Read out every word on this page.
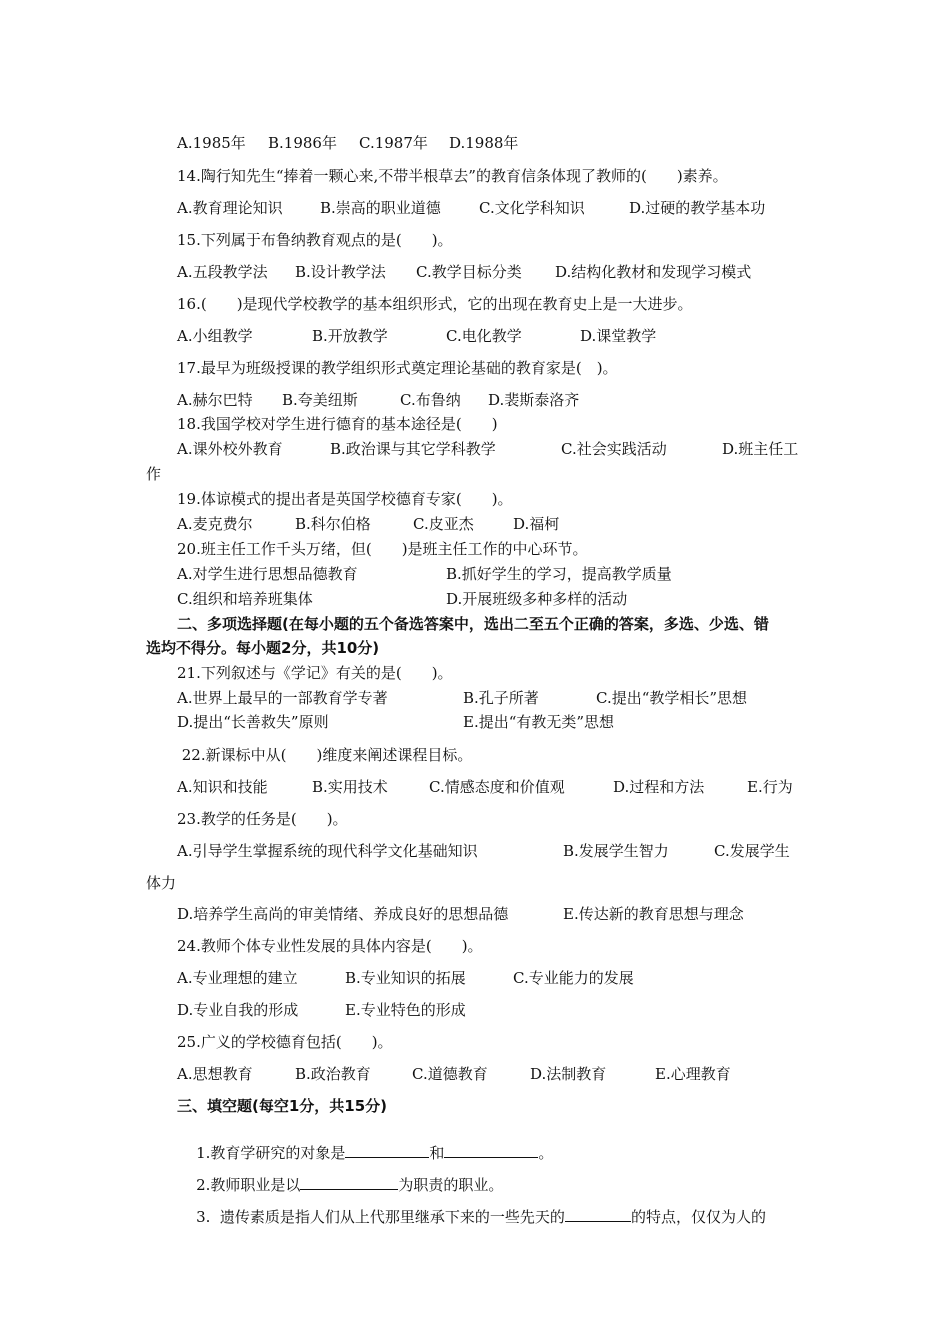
A.1985年 B.1986年 C.1987年 D.1988年
14.陶行知先生“捧着一颗心来,不带半根草去”的教育信条体现了教师的(　　)素养。
A.教育理论知识 B.崇高的职业道德	C.文化学科知识	D.过硬的教学基本功
15.下列属于布鲁纳教育观点的是(　　)。
A.五段教学法 B.设计教学法 C.教学目标分类 D.结构化教材和发现学习模式
16.(　　)是现代学校教学的基本组织形式，它的出现在教育史上是一大进步。
A.小组教学	B.开放教学	C.电化教学	D.课堂教学
17.最早为班级授课的教学组织形式奠定理论基础的教育家是(　)。
A.赫尔巴特 B.夸美纽斯	C.布鲁纳 D.裴斯泰洛齐
18.我国学校对学生进行德育的基本途径是(　　)
A.课外校外教育	B.政治课与其它学科教学	C.社会实践活动	D.班主任工
作
19.体谅模式的提出者是英国学校德育专家(　　)。
A.麦克费尔	B.科尔伯格	C.皮亚杰	D.福柯
20.班主任工作千头万绪，但(　　)是班主任工作的中心环节。
A.对学生进行思想品德教育	B.抓好学生的学习，提高教学质量
C.组织和培养班集体	D.开展班级多种多样的活动
二、多项选择题(在每小题的五个备选答案中，选出二至五个正确的答案，多选、少选、错
选均不得分。每小题2分，共10分)
21.下列叙述与《学记》有关的是(　　)。
A.世界上最早的一部教育学专著	B.孔子所著	C.提出“教学相长”思想
D.提出“长善救失”原则	E.提出“有教无类”思想
22.新课标中从(　　)维度来阐述课程目标。
A.知识和技能	B.实用技术	C.情感态度和价值观	D.过程和方法	E.行为
23.教学的任务是(　　)。
A.引导学生掌握系统的现代科学文化基础知识	B.发展学生智力	C.发展学生
体力
D.培养学生高尚的审美情绪、养成良好的思想品德	E.传达新的教育思想与理念
24.教师个体专业性发展的具体内容是(　　)。
A.专业理想的建立	B.专业知识的拓展	C.专业能力的发展
D.专业自我的形成	E.专业特色的形成
25.广义的学校德育包括(　　)。
A.思想教育	B.政治教育	C.道德教育	D.法制教育	E.心理教育
三、填空题(每空1分，共15分)

1.教育学研究的对象是	和	。

2.教师职业是以	为职责的职业。

3.  遗传素质是指人们从上代那里继承下来的一些先天的	的特点，仅仅为人的
